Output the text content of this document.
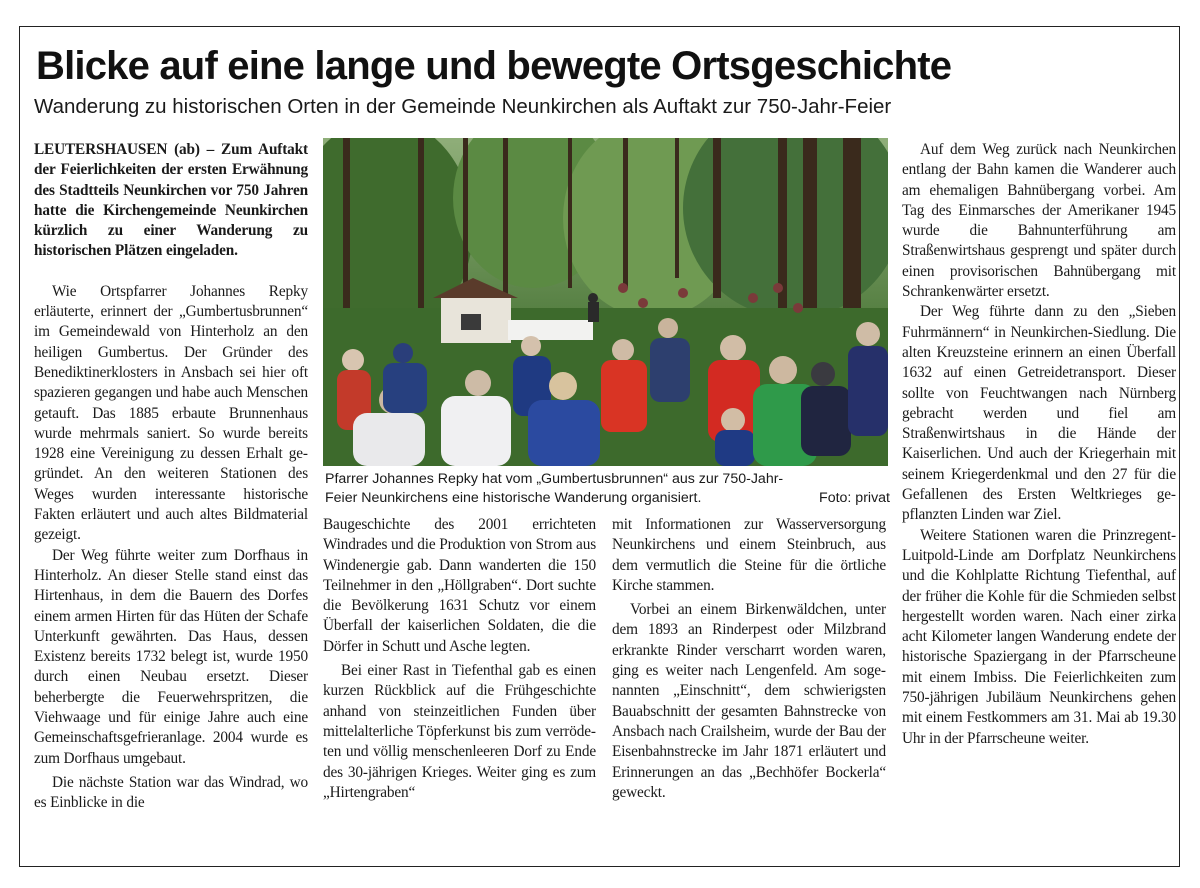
Blicke auf eine lange und bewegte Ortsgeschichte
Wanderung zu historischen Orten in der Gemeinde Neunkirchen als Auftakt zur 750-Jahr-Feier

LEUTERSHAUSEN (ab) – Zum Auftakt der Feierlichkeiten der ersten Erwähnung des Stadtteils Neunkirchen vor 750 Jahren hatte die Kirchengemeinde Neunkirchen kürzlich zu einer Wanderung zu historischen Plätzen eingeladen.

Wie Ortspfarrer Johannes Repky erläuterte, erinnert der „Gumbertusbrunnen“ im Gemeindewald von Hinterholz an den heiligen Gumbertus. Der Gründer des Benediktinerklosters in Ansbach sei hier oft spazieren gegangen und habe auch Menschen getauft. Das 1885 erbaute Brunnenhaus wurde mehrmals saniert. So wurde bereits 1928 eine Vereinigung zu dessen Erhalt gegründet. An den weiteren Stationen des Weges wurden interessante historische Fakten erläutert und auch altes Bildmaterial gezeigt.

Der Weg führte weiter zum Dorfhaus in Hinterholz. An dieser Stelle stand einst das Hirtenhaus, in dem die Bauern des Dorfes einem armen Hirten für das Hüten der Schafe Unterkunft gewährten. Das Haus, dessen Existenz bereits 1732 belegt ist, wurde 1950 durch einen Neubau ersetzt. Dieser beherbergte die Feuerwehrspritzen, die Viehwaage und für einige Jahre auch eine Gemeinschaftsgefrieranlage. 2004 wurde es zum Dorfhaus umgebaut.

Die nächste Station war das Windrad, wo es Einblicke in die

Pfarrer Johannes Repky hat vom „Gumbertusbrunnen“ aus zur 750-Jahr-
Feier Neunkirchens eine historische Wanderung organisiert.	Foto: privat

Baugeschichte des 2001 errichteten Windrades und die Produktion von Strom aus Windenergie gab. Dann wanderten die 150 Teilnehmer in den „Höllgraben“. Dort suchte die Bevölkerung 1631 Schutz vor einem Überfall der kaiserlichen Soldaten, die die Dörfer in Schutt und Asche legten.

Bei einer Rast in Tiefenthal gab es einen kurzen Rückblick auf die Frühgeschichte anhand von steinzeitlichen Funden über mittelalterliche Töpferkunst bis zum verrödeten und völlig menschenleeren Dorf zu Ende des 30-jährigen Krieges. Weiter ging es zum „Hirtengraben“

mit Informationen zur Wasserversorgung Neunkirchens und einem Steinbruch, aus dem vermutlich die Steine für die örtliche Kirche stammen.

Vorbei an einem Birkenwäldchen, unter dem 1893 an Rinderpest oder Milzbrand erkrankte Rinder verscharrt worden waren, ging es weiter nach Lengenfeld. Am sogenannten „Einschnitt“, dem schwierigsten Bauabschnitt der gesamten Bahnstrecke von Ansbach nach Crailsheim, wurde der Bau der Eisenbahnstrecke im Jahr 1871 erläutert und Erinnerungen an das „Bechhöfer Bockerla“ geweckt.

Auf dem Weg zurück nach Neunkirchen entlang der Bahn kamen die Wanderer auch am ehemaligen Bahnübergang vorbei. Am Tag des Einmarsches der Amerikaner 1945 wurde die Bahnunterführung am Straßenwirtshaus gesprengt und später durch einen provisorischen Bahnübergang mit Schrankenwärter ersetzt.

Der Weg führte dann zu den „Sieben Fuhrmännern“ in Neunkirchen-Siedlung. Die alten Kreuzsteine erinnern an einen Überfall 1632 auf einen Getreidetransport. Dieser sollte von Feuchtwangen nach Nürnberg gebracht werden und fiel am Straßenwirtshaus in die Hände der Kaiserlichen. Und auch der Kriegerhain mit seinem Kriegerdenkmal und den 27 für die Gefallenen des Ersten Weltkrieges gepflanzten Linden war Ziel.

Weitere Stationen waren die Prinzregent-Luitpold-Linde am Dorfplatz Neunkirchens und die Kohlplatte Richtung Tiefenthal, auf der früher die Kohle für die Schmieden selbst hergestellt worden waren. Nach einer zirka acht Kilometer langen Wanderung endete der historische Spaziergang in der Pfarrscheune mit einem Imbiss. Die Feierlichkeiten zum 750-jährigen Jubiläum Neunkirchens gehen mit einem Festkommers am 31. Mai ab 19.30 Uhr in der Pfarrscheune weiter.
